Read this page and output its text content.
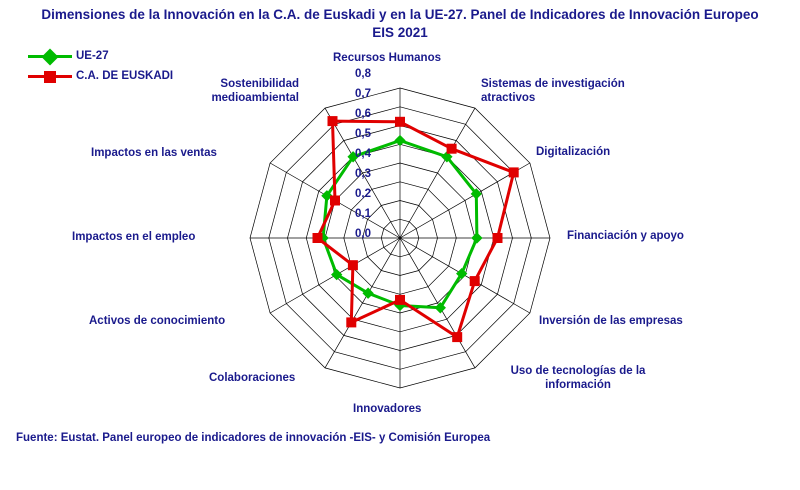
Dimensiones de la Innovación en la C.A. de Euskadi y en la UE-27. Panel de Indicadores de Innovación Europeo EIS 2021
UE-27
C.A. DE EUSKADI
Recursos Humanos
Sistemas de investigación atractivos
Digitalización
Financiación y apoyo
Inversión de las empresas
Uso de tecnologías de la información
Innovadores
Colaboraciones
Activos de conocimiento
Impactos en el empleo
Impactos en las ventas
Sostenibilidad medioambiental
0,0
0,1
0,2
0,3
0,4
0,5
0,6
0,7
0,8
Fuente: Eustat. Panel europeo de indicadores de innovación -EIS- y Comisión Europea
